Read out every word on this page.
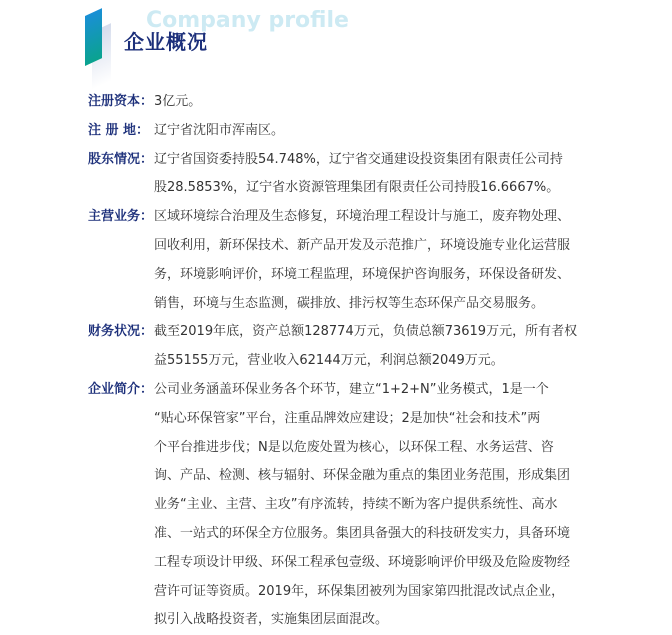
Company profile
企业概况
注册资本： 3亿元。
注 册 地： 辽宁省沈阳市浑南区。
股东情况： 辽宁省国资委持股54.748%，辽宁省交通建设投资集团有限责任公司持
股28.5853%，辽宁省水资源管理集团有限责任公司持股16.6667%。
主营业务： 区域环境综合治理及生态修复，环境治理工程设计与施工，废弃物处理、
回收利用，新环保技术、新产品开发及示范推广，环境设施专业化运营服
务，环境影响评价，环境工程监理，环境保护咨询服务，环保设备研发、
销售，环境与生态监测，碳排放、排污权等生态环保产品交易服务。
财务状况： 截至2019年底，资产总额128774万元，负债总额73619万元，所有者权
益55155万元，营业收入62144万元，利润总额2049万元。
企业简介： 公司业务涵盖环保业务各个环节，建立“1+2+N”业务模式，1是一个
“贴心环保管家”平台，注重品牌效应建设；2是加快“社会和技术”两
个平台推进步伐；N是以危废处置为核心，以环保工程、水务运营、咨
询、产品、检测、核与辐射、环保金融为重点的集团业务范围，形成集团
业务“主业、主营、主攻”有序流转，持续不断为客户提供系统性、高水
准、一站式的环保全方位服务。集团具备强大的科技研发实力，具备环境
工程专项设计甲级、环保工程承包壹级、环境影响评价甲级及危险废物经
营许可证等资质。2019年，环保集团被列为国家第四批混改试点企业，
拟引入战略投资者，实施集团层面混改。
